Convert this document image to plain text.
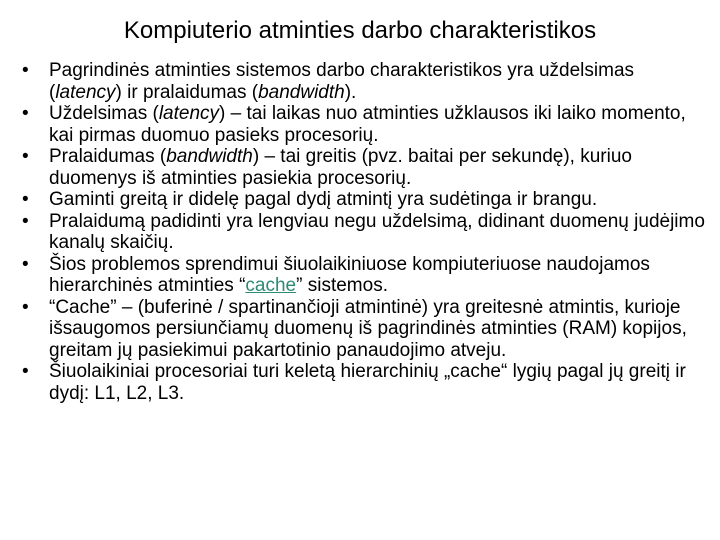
Kompiuterio atminties darbo charakteristikos
•	Pagrindinės atminties sistemos darbo charakteristikos yra uždelsimas (latency) ir pralaidumas (bandwidth).
•	Uždelsimas (latency) – tai laikas nuo atminties užklausos iki laiko momento, kai pirmas duomuo pasieks procesorių.
•	Pralaidumas (bandwidth) – tai greitis (pvz. baitai per sekundę), kuriuo duomenys iš atminties pasiekia procesorių.
•	Gaminti greitą ir didelę pagal dydį atmintį yra sudėtinga ir brangu.
•	Pralaidumą padidinti yra lengviau negu uždelsimą, didinant duomenų judėjimo kanalų skaičių.
•	Šios problemos sprendimui šiuolaikiniuose kompiuteriuose naudojamos hierarchinės atminties “cache” sistemos.
•	“Cache” – (buferinė / spartinančioji atmintinė) yra greitesnė atmintis, kurioje išsaugomos persiunčiamų duomenų iš pagrindinės atminties (RAM) kopijos, greitam jų pasiekimui pakartotinio panaudojimo atveju.
•	Šiuolaikiniai procesoriai turi keletą hierarchinių „cache“ lygių pagal jų greitį ir dydį: L1, L2, L3.
